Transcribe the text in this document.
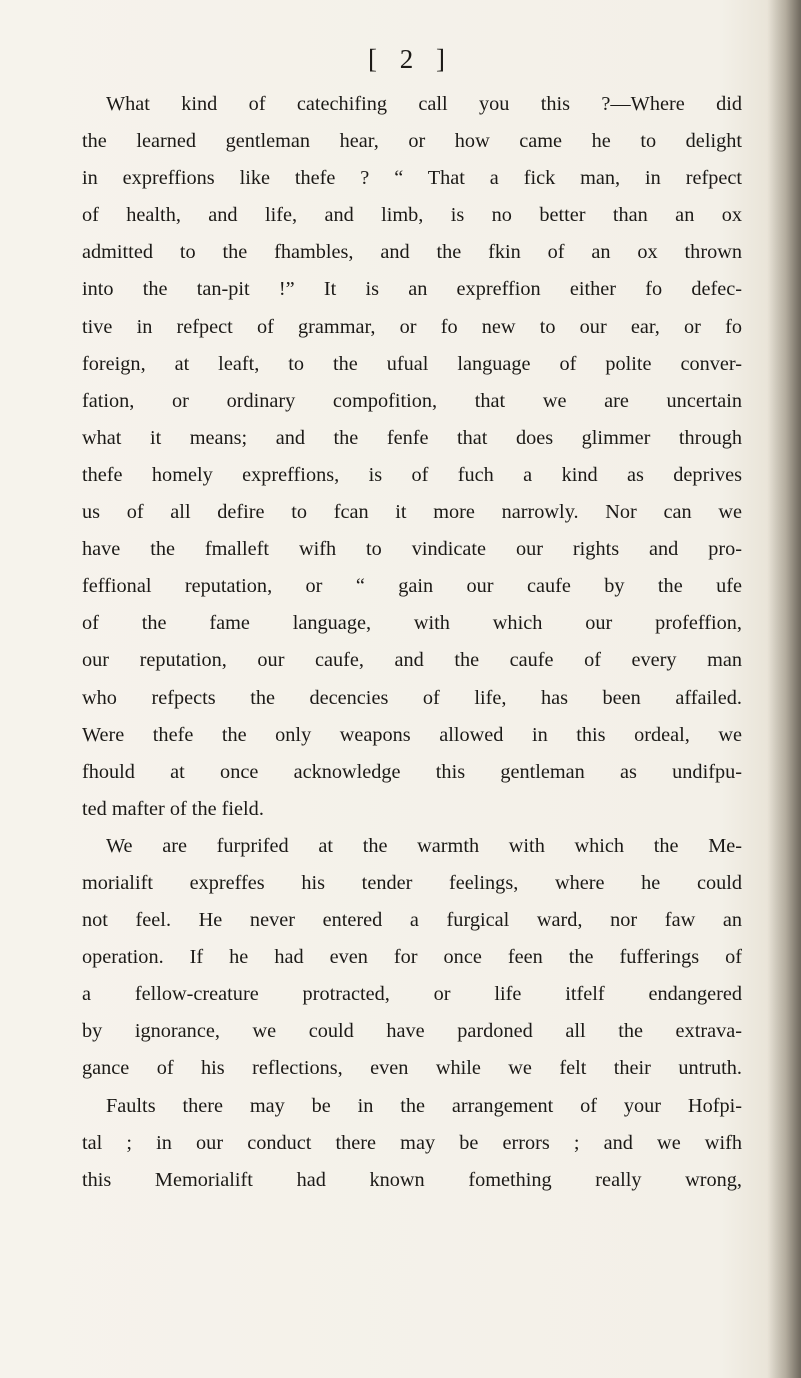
[ 2 ]
What kind of catechifing call you this ?—Where did
the learned gentleman hear, or how came he to delight
in expreffions like thefe ? “ That a fick man, in refpect
of health, and life, and limb, is no better than an ox
admitted to the fhambles, and the fkin of an ox thrown
into the tan-pit !” It is an expreffion either fo defec-
tive in refpect of grammar, or fo new to our ear, or fo
foreign, at leaft, to the ufual language of polite conver-
fation, or ordinary compofition, that we are uncertain
what it means; and the fenfe that does glimmer through
thefe homely expreffions, is of fuch a kind as deprives
us of all defire to fcan it more narrowly. Nor can we
have the fmalleft wifh to vindicate our rights and pro-
feffional reputation, or “ gain our caufe by the ufe
of the fame language, with which our profeffion,
our reputation, our caufe, and the caufe of every man
who refpects the decencies of life, has been affailed.
Were thefe the only weapons allowed in this ordeal, we
fhould at once acknowledge this gentleman as undifpu-
ted mafter of the field.
We are furprifed at the warmth with which the Me-
morialift expreffes his tender feelings, where he could
not feel. He never entered a furgical ward, nor faw an
operation. If he had even for once feen the fufferings of
a fellow-creature protracted, or life itfelf endangered
by ignorance, we could have pardoned all the extrava-
gance of his reflections, even while we felt their untruth.
Faults there may be in the arrangement of your Hofpi-
tal ; in our conduct there may be errors ; and we wifh
this Memorialift had known fomething really wrong,
